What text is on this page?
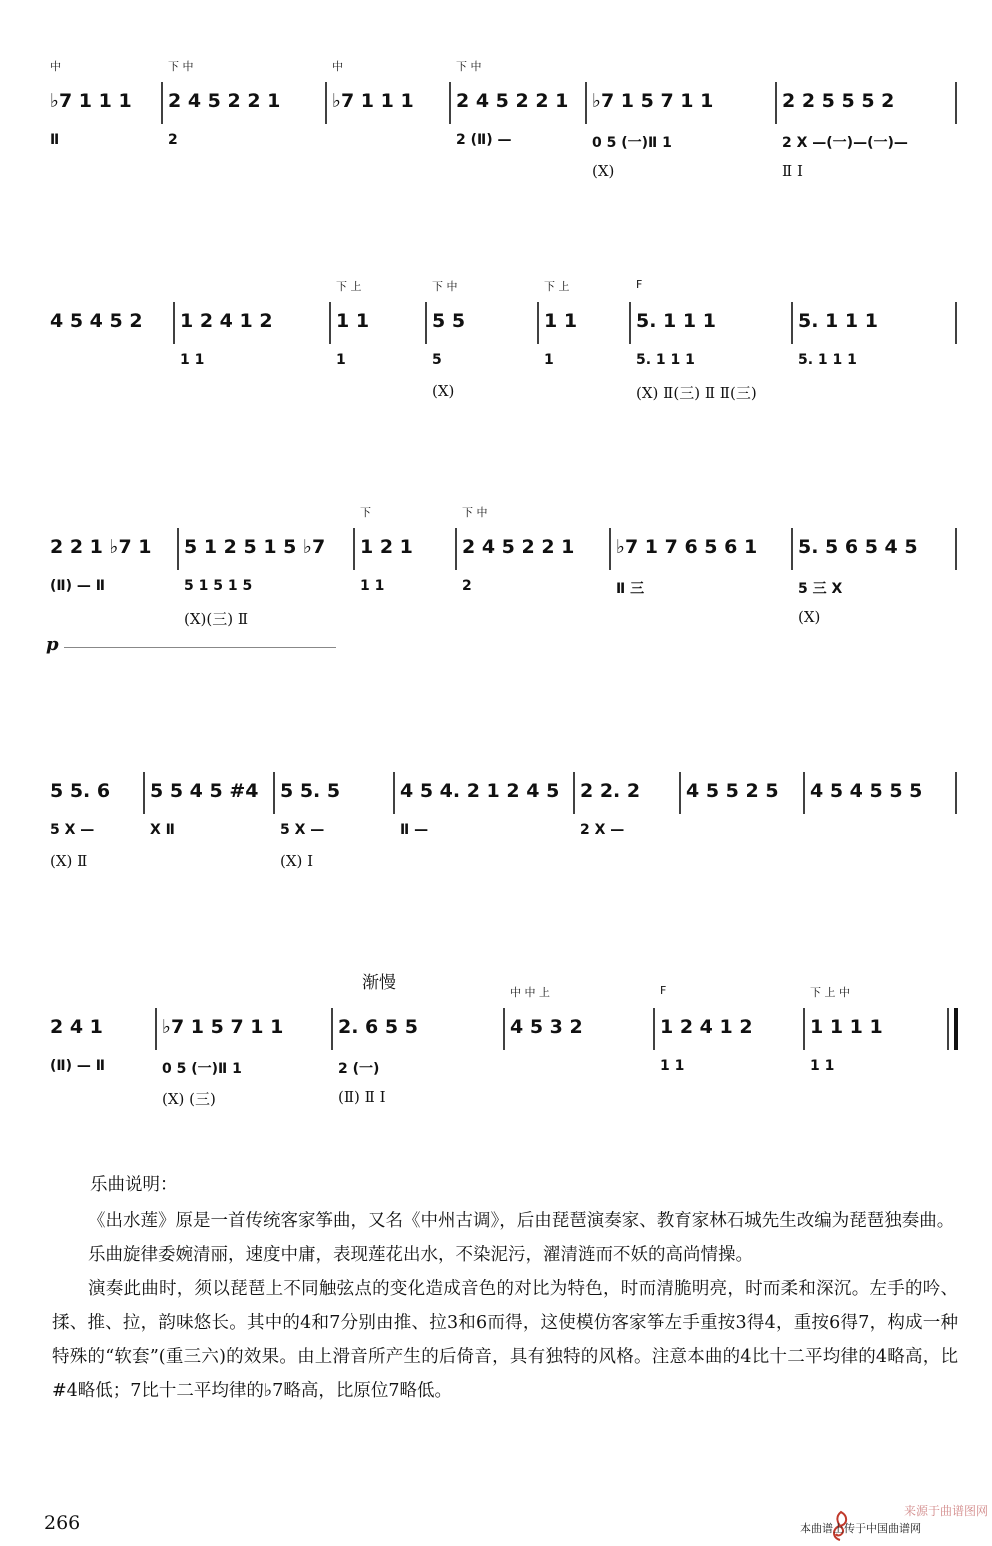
中
♭7 1 1 1
Ⅱ
下 中
2 4 5 2 2 1
2
中
♭7 1 1 1
下 中
2 4 5 2 2 1
2 (Ⅱ) —
♭7 1 5 7 1 1
0 5 (一)Ⅱ 1
(X)
2 2 5 5 5 2
2 X —(一)—(一)—
Ⅱ Ⅰ
4 5 4 5 2 1 2 4 1 2
1 1
下 上
1 1
1
下 中
5 5
5
(X)
下 上
1 1
1
F
5. 1 1 1
5. 1 1 1
(X) Ⅱ(三) Ⅱ Ⅱ(三)
5. 1 1 1
5. 1 1 1
2 2 1 ♭7 1
(Ⅱ) — Ⅱ
5 1 2 5 1 5 ♭7
5 1 5 1 5
(X)(三) Ⅱ
下
1 2 1
1 1
下 中
2 4 5 2 2 1
2
♭7 1 7 6 5 6 1
Ⅱ 三
5. 5 6 5 4 5
5 三 X
(X)
p
5 5. 6
5 X —
(X) Ⅱ
5 5 4 5 #4
X Ⅱ
5 5. 5
5 X —
(X) Ⅰ
4 5 4. 2 1 2 4 5
Ⅱ —
2 2. 2
2 X —
4 5 5 2 5 4 5 4 5 5 5
2 4 1
(Ⅱ) — Ⅱ
♭7 1 5 7 1 1
0 5 (一)Ⅱ 1
(X) (三)
2. 6 5 5
2 (一)
(Ⅱ) Ⅱ Ⅰ
中 中 上
4 5 3 2
F
1 2 4 1 2
1 1
下 上 中
1 1 1 1
1 1
渐慢
乐曲说明：

《出水莲》原是一首传统客家筝曲，又名《中州古调》，后由琵琶演奏家、教育家林石城先生改编为琵琶独奏曲。

乐曲旋律委婉清丽，速度中庸，表现莲花出水，不染泥污，濯清涟而不妖的高尚情操。

演奏此曲时，须以琵琶上不同触弦点的变化造成音色的对比为特色，时而清脆明亮，时而柔和深沉。左手的吟、揉、推、拉，韵味悠长。其中的4和7分别由推、拉3和6而得，这使模仿客家筝左手重按3得4，重按6得7，构成一种特殊的“软套”(重三六)的效果。由上滑音所产生的后倚音，具有独特的风格。注意本曲的4比十二平均律的4略高，比#4略低；7比十二平均律的♭7略高，比原位7略低。

266
来源于曲谱图网
本曲谱上传于中国曲谱网
